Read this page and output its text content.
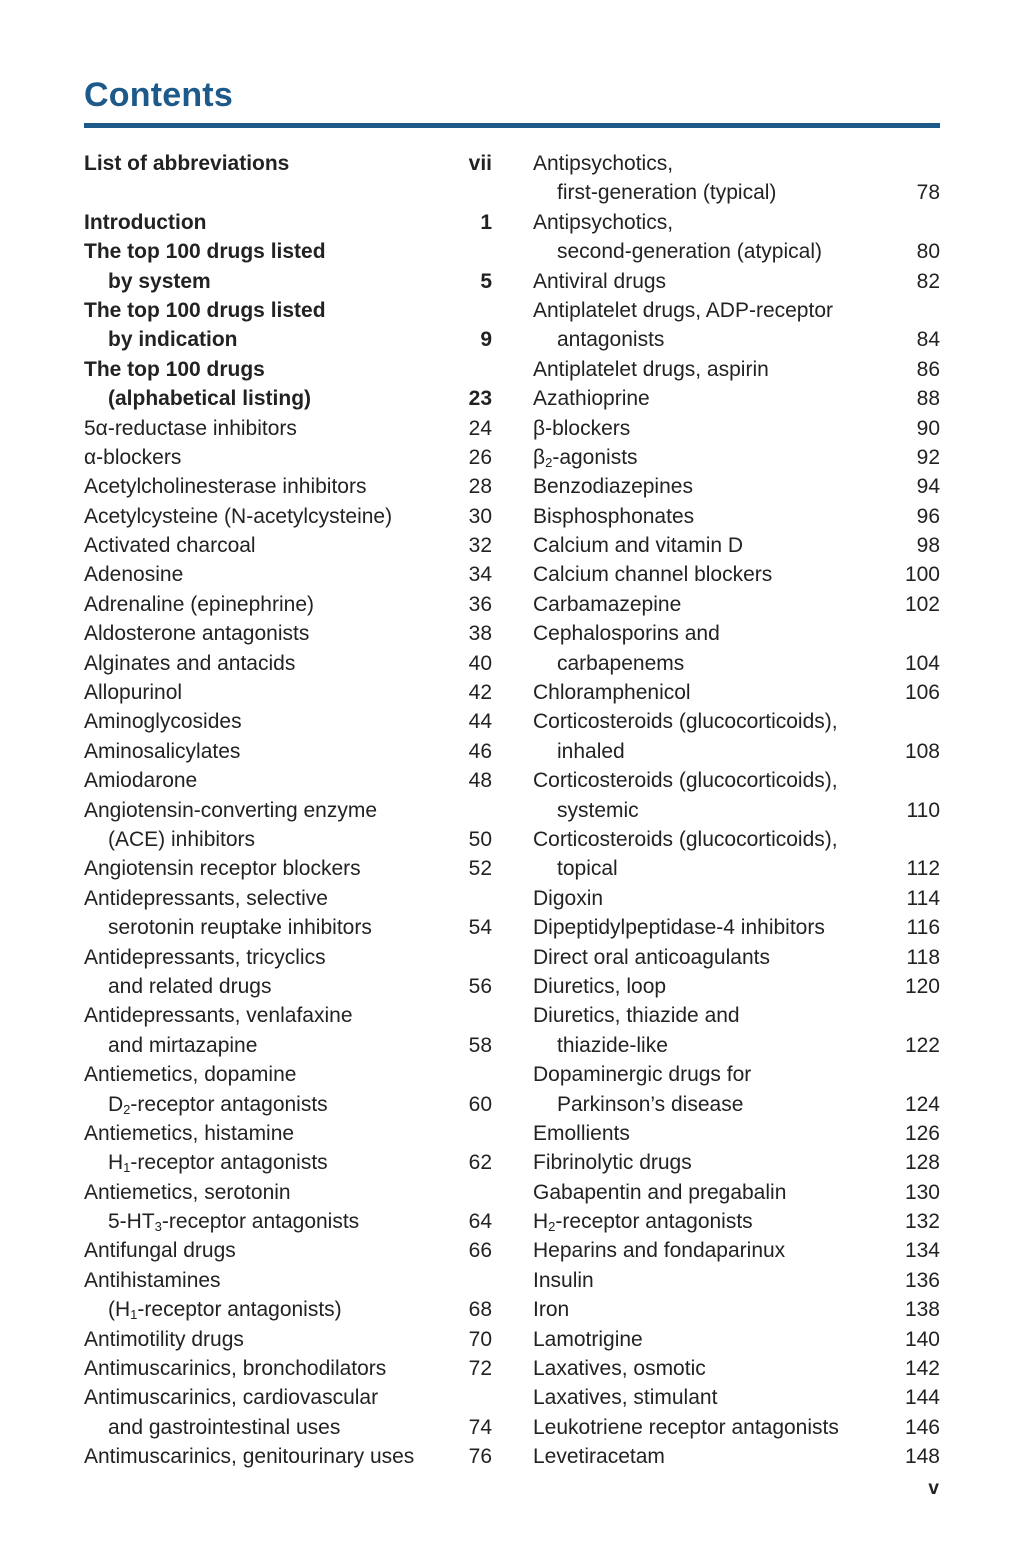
Contents
List of abbreviations	vii
Introduction	1
The top 100 drugs listed
by system	5
The top 100 drugs listed
by indication	9
The top 100 drugs
(alphabetical listing)	23
5α-reductase inhibitors	24
α-blockers	26
Acetylcholinesterase inhibitors	28
Acetylcysteine (N-acetylcysteine)	30
Activated charcoal	32
Adenosine	34
Adrenaline (epinephrine)	36
Aldosterone antagonists	38
Alginates and antacids	40
Allopurinol	42
Aminoglycosides	44
Aminosalicylates	46
Amiodarone	48
Angiotensin-converting enzyme
(ACE) inhibitors	50
Angiotensin receptor blockers	52
Antidepressants, selective
serotonin reuptake inhibitors	54
Antidepressants, tricyclics
and related drugs	56
Antidepressants, venlafaxine
and mirtazapine	58
Antiemetics, dopamine
$D_2$-receptor antagonists	60
Antiemetics, histamine
$H_1$-receptor antagonists	62
Antiemetics, serotonin
$5-HT_3$-receptor antagonists	64
Antifungal drugs	66
Antihistamines
($H_1$-receptor antagonists)	68
Antimotility drugs	70
Antimuscarinics, bronchodilators	72
Antimuscarinics, cardiovascular
and gastrointestinal uses	74
Antimuscarinics, genitourinary uses	76
Antipsychotics,
first-generation (typical)	78
Antipsychotics,
second-generation (atypical)	80
Antiviral drugs	82
Antiplatelet drugs, ADP-receptor
antagonists	84
Antiplatelet drugs, aspirin	86
Azathioprine	88
β-blockers	90
$\beta_2$-agonists	92
Benzodiazepines	94
Bisphosphonates	96
Calcium and vitamin D	98
Calcium channel blockers	100
Carbamazepine	102
Cephalosporins and
carbapenems	104
Chloramphenicol	106
Corticosteroids (glucocorticoids),
inhaled	108
Corticosteroids (glucocorticoids),
systemic	110
Corticosteroids (glucocorticoids),
topical	112
Digoxin	114
Dipeptidylpeptidase-4 inhibitors	116
Direct oral anticoagulants	118
Diuretics, loop	120
Diuretics, thiazide and
thiazide-like	122
Dopaminergic drugs for
Parkinson’s disease	124
Emollients	126
Fibrinolytic drugs	128
Gabapentin and pregabalin	130
$H_2$-receptor antagonists	132
Heparins and fondaparinux	134
Insulin	136
Iron	138
Lamotrigine	140
Laxatives, osmotic	142
Laxatives, stimulant	144
Leukotriene receptor antagonists	146
Levetiracetam	148

v
